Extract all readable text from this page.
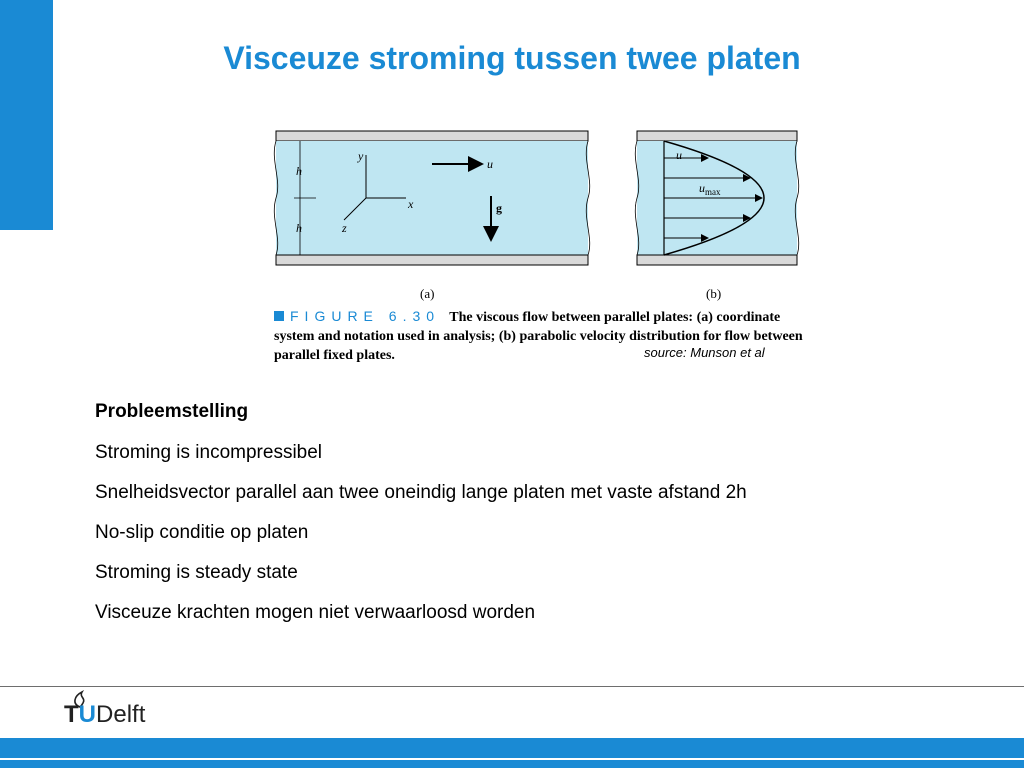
Visceuze stroming tussen twee platen
h
h
y
x
z
u
g
u
$u_{max}$
(a)	(b)
FIGURE 6.30 The viscous flow between parallel plates: (a) coordinate system and notation used in analysis; (b) parabolic velocity distribution for flow between parallel fixed plates.	source: Munson et al
Probleemstelling
Stroming is incompressibel
Snelheidsvector parallel aan twee oneindig lange platen met vaste afstand 2h
No-slip conditie op platen
Stroming is steady state
Visceuze krachten mogen niet verwaarloosd worden
TUDelft
